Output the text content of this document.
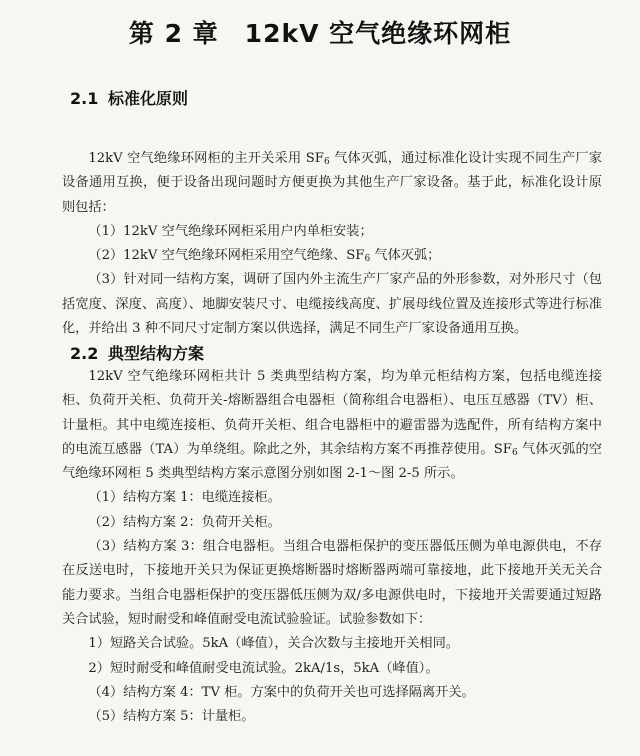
第 2 章 12kV 空气绝缘环网柜
2.1 标准化原则

12kV 空气绝缘环网柜的主开关采用 $SF_6$ 气体灭弧，通过标准化设计实现不同生产厂家设备通用互换，便于设备出现问题时方便更换为其他生产厂家设备。基于此，标准化设计原则包括：

（1）12kV 空气绝缘环网柜采用户内单柜安装；

（2）12kV 空气绝缘环网柜采用空气绝缘、$SF_6$ 气体灭弧；

（3）针对同一结构方案，调研了国内外主流生产厂家产品的外形参数，对外形尺寸（包括宽度、深度、高度）、地脚安装尺寸、电缆接线高度、扩展母线位置及连接形式等进行标准化，并给出 3 种不同尺寸定制方案以供选择，满足不同生产厂家设备通用互换。

2.2 典型结构方案

12kV 空气绝缘环网柜共计 5 类典型结构方案，均为单元柜结构方案，包括电缆连接柜、负荷开关柜、负荷开关-熔断器组合电器柜（简称组合电器柜）、电压互感器（TV）柜、计量柜。其中电缆连接柜、负荷开关柜、组合电器柜中的避雷器为选配件，所有结构方案中的电流互感器（TA）为单绕组。除此之外，其余结构方案不再推荐使用。$SF_6$ 气体灭弧的空气绝缘环网柜 5 类典型结构方案示意图分别如图 2-1～图 2-5 所示。

（1）结构方案 1：电缆连接柜。

（2）结构方案 2：负荷开关柜。

（3）结构方案 3：组合电器柜。当组合电器柜保护的变压器低压侧为单电源供电，不存在反送电时，下接地开关只为保证更换熔断器时熔断器两端可靠接地，此下接地开关无关合能力要求。当组合电器柜保护的变压器低压侧为双/多电源供电时，下接地开关需要通过短路关合试验，短时耐受和峰值耐受电流试验验证。试验参数如下：

1）短路关合试验。5kA（峰值），关合次数与主接地开关相同。

2）短时耐受和峰值耐受电流试验。2kA/1s，5kA（峰值）。

（4）结构方案 4：TV 柜。方案中的负荷开关也可选择隔离开关。

（5）结构方案 5：计量柜。
